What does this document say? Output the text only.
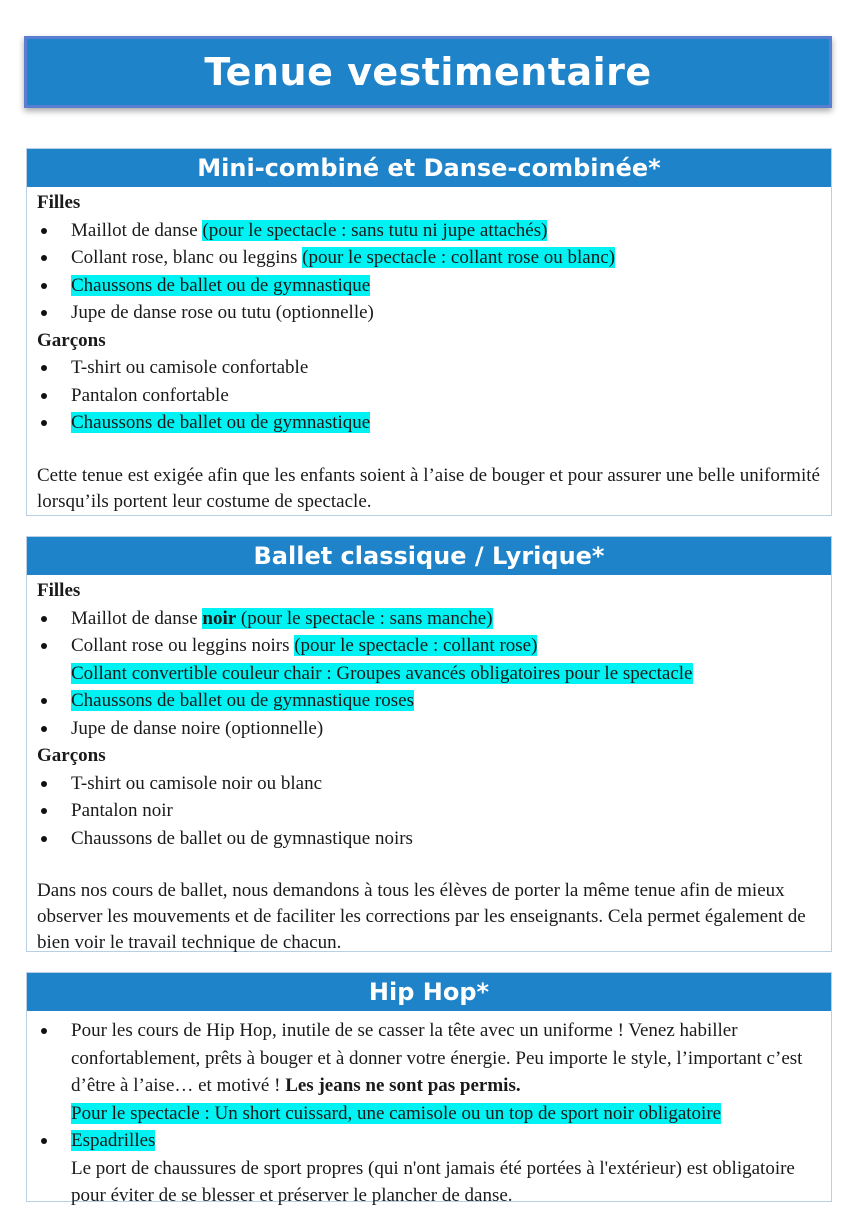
Tenue vestimentaire
Mini-combiné et Danse-combinée*
Filles
Maillot de danse (pour le spectacle : sans tutu ni jupe attachés)
Collant rose, blanc ou leggins (pour le spectacle : collant rose ou blanc)
Chaussons de ballet ou de gymnastique
Jupe de danse rose ou tutu (optionnelle)
Garçons
T-shirt ou camisole confortable
Pantalon confortable
Chaussons de ballet ou de gymnastique
Cette tenue est exigée afin que les enfants soient à l’aise de bouger et pour assurer une belle uniformité lorsqu’ils portent leur costume de spectacle.
Ballet classique / Lyrique*
Filles
Maillot de danse noir (pour le spectacle : sans manche)
Collant rose ou leggins noirs (pour le spectacle : collant rose)
Collant convertible couleur chair : Groupes avancés obligatoires pour le spectacle
Chaussons de ballet ou de gymnastique roses
Jupe de danse noire (optionnelle)
Garçons
T-shirt ou camisole noir ou blanc
Pantalon noir
Chaussons de ballet ou de gymnastique noirs
Dans nos cours de ballet, nous demandons à tous les élèves de porter la même tenue afin de mieux observer les mouvements et de faciliter les corrections par les enseignants. Cela permet également de bien voir le travail technique de chacun.
Hip Hop*
Pour les cours de Hip Hop, inutile de se casser la tête avec un uniforme ! Venez habiller confortablement, prêts à bouger et à donner votre énergie. Peu importe le style, l’important c’est d’être à l’aise… et motivé ! Les jeans ne sont pas permis.
Pour le spectacle : Un short cuissard, une camisole ou un top de sport noir obligatoire
Espadrilles
Le port de chaussures de sport propres (qui n'ont jamais été portées à l'extérieur) est obligatoire pour éviter de se blesser et préserver le plancher de danse.
